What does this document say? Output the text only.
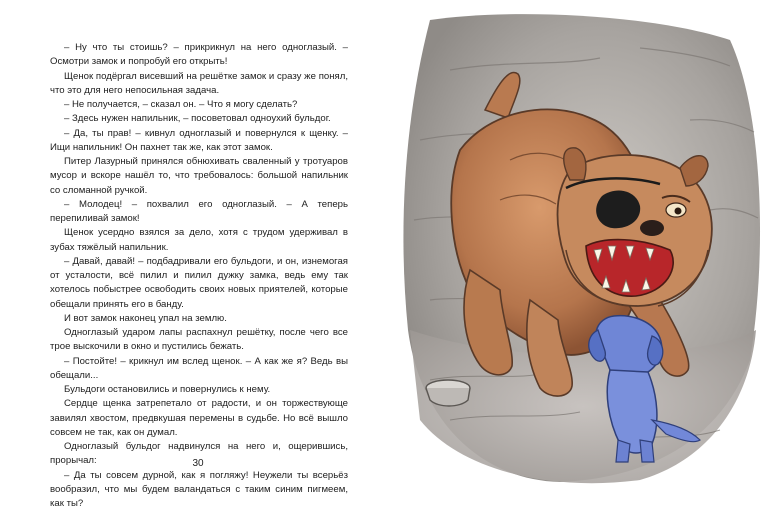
– Ну что ты стоишь? – прикрикнул на него одноглазый. – Осмотри замок и попробуй его открыть!

Щенок подёргал висевший на решётке замок и сразу же понял, что это для него непосильная задача.

– Не получается, – сказал он. – Что я могу сделать?

– Здесь нужен напильник, – посоветовал одноухий бульдог.

– Да, ты прав! – кивнул одноглазый и повернулся к щенку. – Ищи напильник! Он пахнет так же, как этот замок.

Питер Лазурный принялся обнюхивать сваленный у тротуаров мусор и вскоре нашёл то, что требовалось: большой напильник со сломанной ручкой.

– Молодец! – похвалил его одноглазый. – А теперь перепиливай замок!

Щенок усердно взялся за дело, хотя с трудом удерживал в зубах тяжёлый напильник.

– Давай, давай! – подбадривали его бульдоги, и он, изнемогая от усталости, всё пилил и пилил дужку замка, ведь ему так хотелось побыстрее освободить своих новых приятелей, которые обещали принять его в банду.

И вот замок наконец упал на землю.

Одноглазый ударом лапы распахнул решётку, после чего все трое выскочили в окно и пустились бежать.

– Постойте! – крикнул им вслед щенок. – А как же я? Ведь вы обещали...

Бульдоги остановились и повернулись к нему.

Сердце щенка затрепетало от радости, и он торжествующе завилял хвостом, предвкушая перемены в судьбе. Но всё вышло совсем не так, как он думал.

Одноглазый бульдог надвинулся на него и, ощерившись, прорычал:

– Да ты совсем дурной, как я погляжу! Неужели ты всерьёз вообразил, что мы будем валандаться с таким синим пигмеем, как ты?

30
